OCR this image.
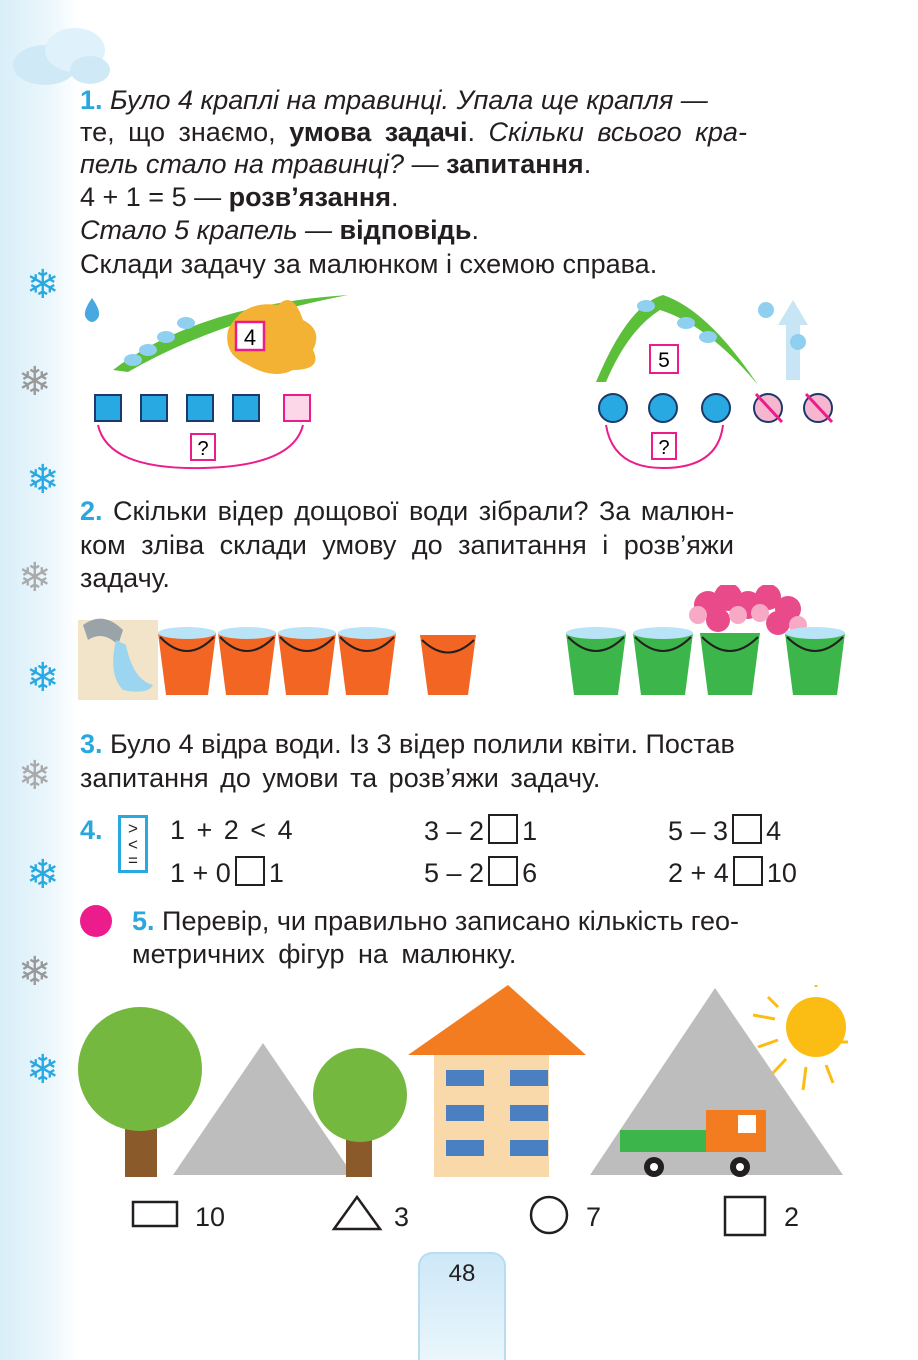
❄
❄
❄
❄
❄
❄
❄
❄
❄
1. Було 4 краплі на травинці. Упала ще крапля —
те, що знаємо, умова задачі. Скільки всього кра-
пель стало на травинці? — запитання.
4 + 1 = 5 — розв’язання.
Стало 5 крапель — відповідь.
Склади задачу за малюнком і схемою справа.
4
?
5
?
2. Скільки відер дощової води зібрали? За малюн-
ком зліва склади умову до запитання і розв’яжи
задачу.
3. Було 4 відра води. Із 3 відер полили квіти. Постав
запитання до умови та розв’яжи задачу.
4.	>
<
=
1 + 2 < 4	3 – 2 1	5 – 3 4
1 + 0 1	5 – 2 6	2 + 4 10
5. Перевір, чи правильно записано кількість гео-
метричних фігур на малюнку.
10	3	7	2
48
